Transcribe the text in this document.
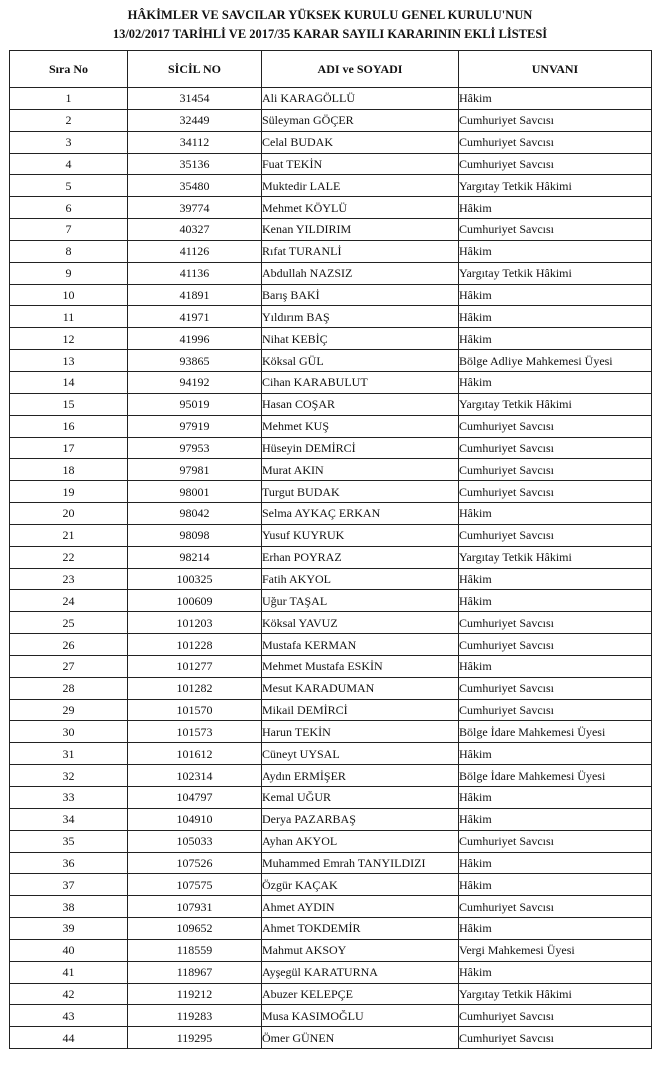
HÂKİMLER VE SAVCILAR YÜKSEK KURULU GENEL KURULU'NUN
13/02/2017 TARİHLİ VE 2017/35 KARAR SAYILI KARARININ EKLİ LİSTESİ
Sıra No	SİCİL NO	ADI ve SOYADI	UNVANI
1	31454	Ali KARAGÖLLÜ	Hâkim
2	32449	Süleyman GÖÇER	Cumhuriyet Savcısı
3	34112	Celal BUDAK	Cumhuriyet Savcısı
4	35136	Fuat TEKİN	Cumhuriyet Savcısı
5	35480	Muktedir LALE	Yargıtay Tetkik Hâkimi
6	39774	Mehmet KÖYLÜ	Hâkim
7	40327	Kenan YILDIRIM	Cumhuriyet Savcısı
8	41126	Rıfat TURANLİ	Hâkim
9	41136	Abdullah NAZSIZ	Yargıtay Tetkik Hâkimi
10	41891	Barış BAKİ	Hâkim
11	41971	Yıldırım BAŞ	Hâkim
12	41996	Nihat KEBİÇ	Hâkim
13	93865	Köksal GÜL	Bölge Adliye Mahkemesi Üyesi
14	94192	Cihan KARABULUT	Hâkim
15	95019	Hasan COŞAR	Yargıtay Tetkik Hâkimi
16	97919	Mehmet KUŞ	Cumhuriyet Savcısı
17	97953	Hüseyin DEMİRCİ	Cumhuriyet Savcısı
18	97981	Murat AKIN	Cumhuriyet Savcısı
19	98001	Turgut BUDAK	Cumhuriyet Savcısı
20	98042	Selma AYKAÇ ERKAN	Hâkim
21	98098	Yusuf KUYRUK	Cumhuriyet Savcısı
22	98214	Erhan POYRAZ	Yargıtay Tetkik Hâkimi
23	100325	Fatih AKYOL	Hâkim
24	100609	Uğur TAŞAL	Hâkim
25	101203	Köksal YAVUZ	Cumhuriyet Savcısı
26	101228	Mustafa KERMAN	Cumhuriyet Savcısı
27	101277	Mehmet Mustafa ESKİN	Hâkim
28	101282	Mesut KARADUMAN	Cumhuriyet Savcısı
29	101570	Mikail DEMİRCİ	Cumhuriyet Savcısı
30	101573	Harun TEKİN	Bölge İdare Mahkemesi Üyesi
31	101612	Cüneyt UYSAL	Hâkim
32	102314	Aydın ERMİŞER	Bölge İdare Mahkemesi Üyesi
33	104797	Kemal UĞUR	Hâkim
34	104910	Derya PAZARBAŞ	Hâkim
35	105033	Ayhan AKYOL	Cumhuriyet Savcısı
36	107526	Muhammed Emrah TANYILDIZI	Hâkim
37	107575	Özgür KAÇAK	Hâkim
38	107931	Ahmet AYDIN	Cumhuriyet Savcısı
39	109652	Ahmet TOKDEMİR	Hâkim
40	118559	Mahmut AKSOY	Vergi Mahkemesi Üyesi
41	118967	Ayşegül KARATURNA	Hâkim
42	119212	Abuzer KELEPÇE	Yargıtay Tetkik Hâkimi
43	119283	Musa KASIMOĞLU	Cumhuriyet Savcısı
44	119295	Ömer GÜNEN	Cumhuriyet Savcısı
